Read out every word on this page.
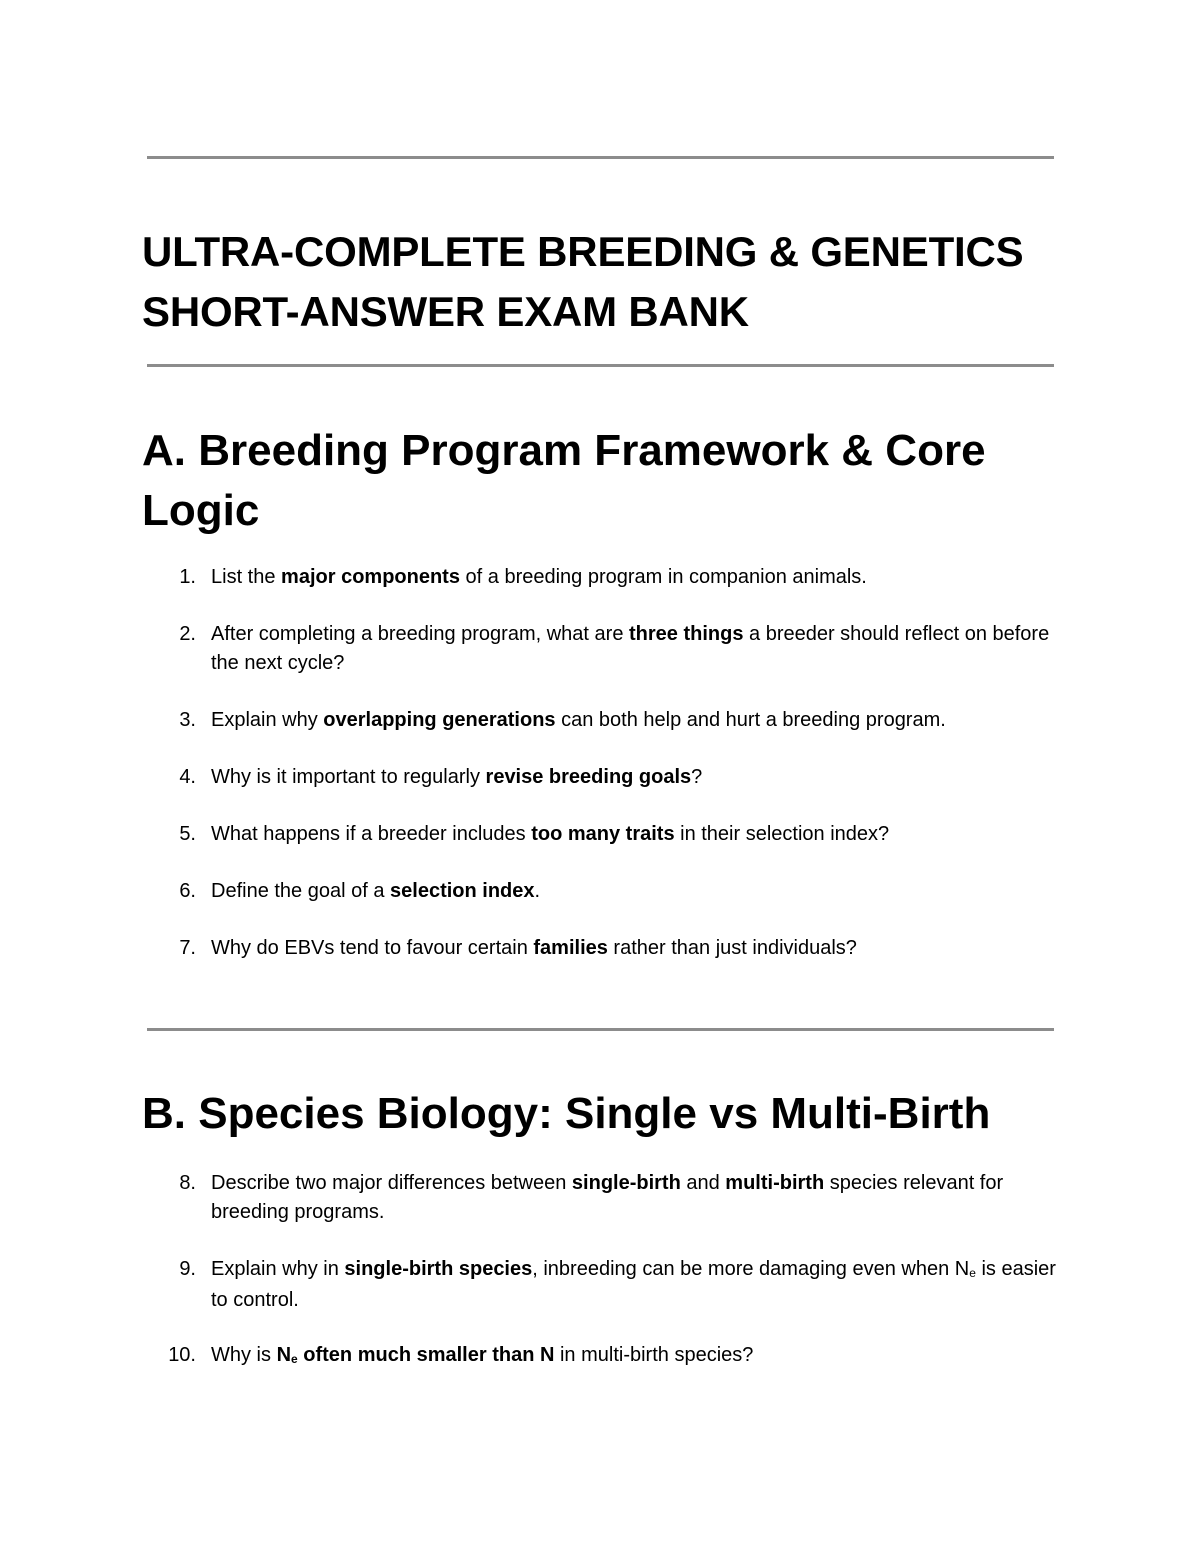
ULTRA-COMPLETE BREEDING & GENETICS SHORT-ANSWER EXAM BANK
A. Breeding Program Framework & Core Logic
1. List the major components of a breeding program in companion animals.
2. After completing a breeding program, what are three things a breeder should reflect on before the next cycle?
3. Explain why overlapping generations can both help and hurt a breeding program.
4. Why is it important to regularly revise breeding goals?
5. What happens if a breeder includes too many traits in their selection index?
6. Define the goal of a selection index.
7. Why do EBVs tend to favour certain families rather than just individuals?
B. Species Biology: Single vs Multi-Birth
8. Describe two major differences between single-birth and multi-birth species relevant for breeding programs.
9. Explain why in single-birth species, inbreeding can be more damaging even when $N_e$ is easier to control.
10. Why is $N_e$ often much smaller than N in multi-birth species?
